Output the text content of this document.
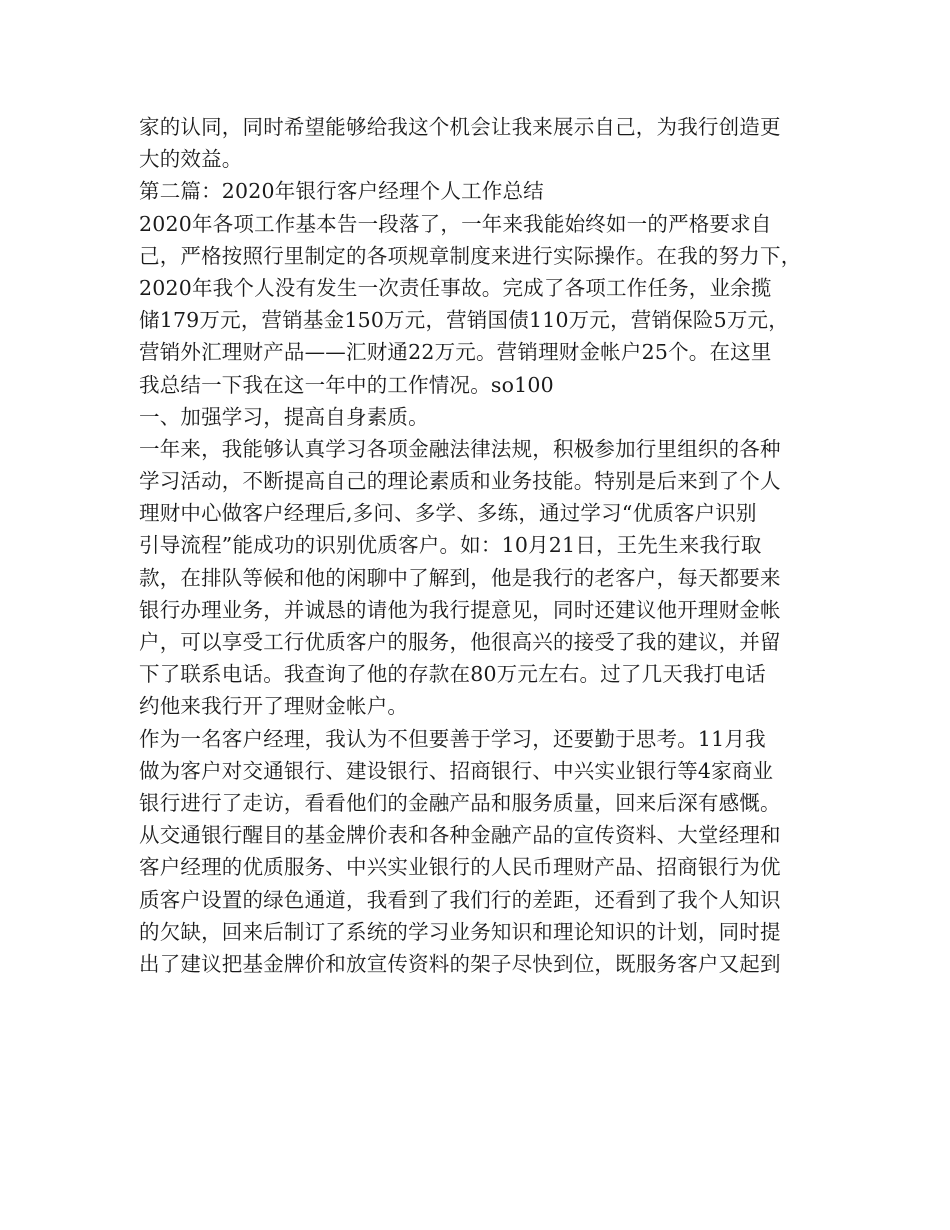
家的认同，同时希望能够给我这个机会让我来展示自己，为我行创造更
大的效益。
第二篇：2020年银行客户经理个人工作总结
2020年各项工作基本告一段落了，一年来我能始终如一的严格要求自
己，严格按照行里制定的各项规章制度来进行实际操作。在我的努力下，
2020年我个人没有发生一次责任事故。完成了各项工作任务，业余揽
储179万元，营销基金150万元，营销国债110万元，营销保险5万元，
营销外汇理财产品——汇财通22万元。营销理财金帐户25个。在这里
我总结一下我在这一年中的工作情况。so100
一、加强学习，提高自身素质。
一年来，我能够认真学习各项金融法律法规，积极参加行里组织的各种
学习活动，不断提高自己的理论素质和业务技能。特别是后来到了个人
理财中心做客户经理后,多问、多学、多练，通过学习“优质客户识别
引导流程”能成功的识别优质客户。如：10月21日，王先生来我行取
款，在排队等候和他的闲聊中了解到，他是我行的老客户，每天都要来
银行办理业务，并诚恳的请他为我行提意见，同时还建议他开理财金帐
户，可以享受工行优质客户的服务，他很高兴的接受了我的建议，并留
下了联系电话。我查询了他的存款在80万元左右。过了几天我打电话
约他来我行开了理财金帐户。
作为一名客户经理，我认为不但要善于学习，还要勤于思考。11月我
做为客户对交通银行、建设银行、招商银行、中兴实业银行等4家商业
银行进行了走访，看看他们的金融产品和服务质量，回来后深有感慨。
从交通银行醒目的基金牌价表和各种金融产品的宣传资料、大堂经理和
客户经理的优质服务、中兴实业银行的人民币理财产品、招商银行为优
质客户设置的绿色通道，我看到了我们行的差距，还看到了我个人知识
的欠缺，回来后制订了系统的学习业务知识和理论知识的计划，同时提
出了建议把基金牌价和放宣传资料的架子尽快到位，既服务客户又起到
